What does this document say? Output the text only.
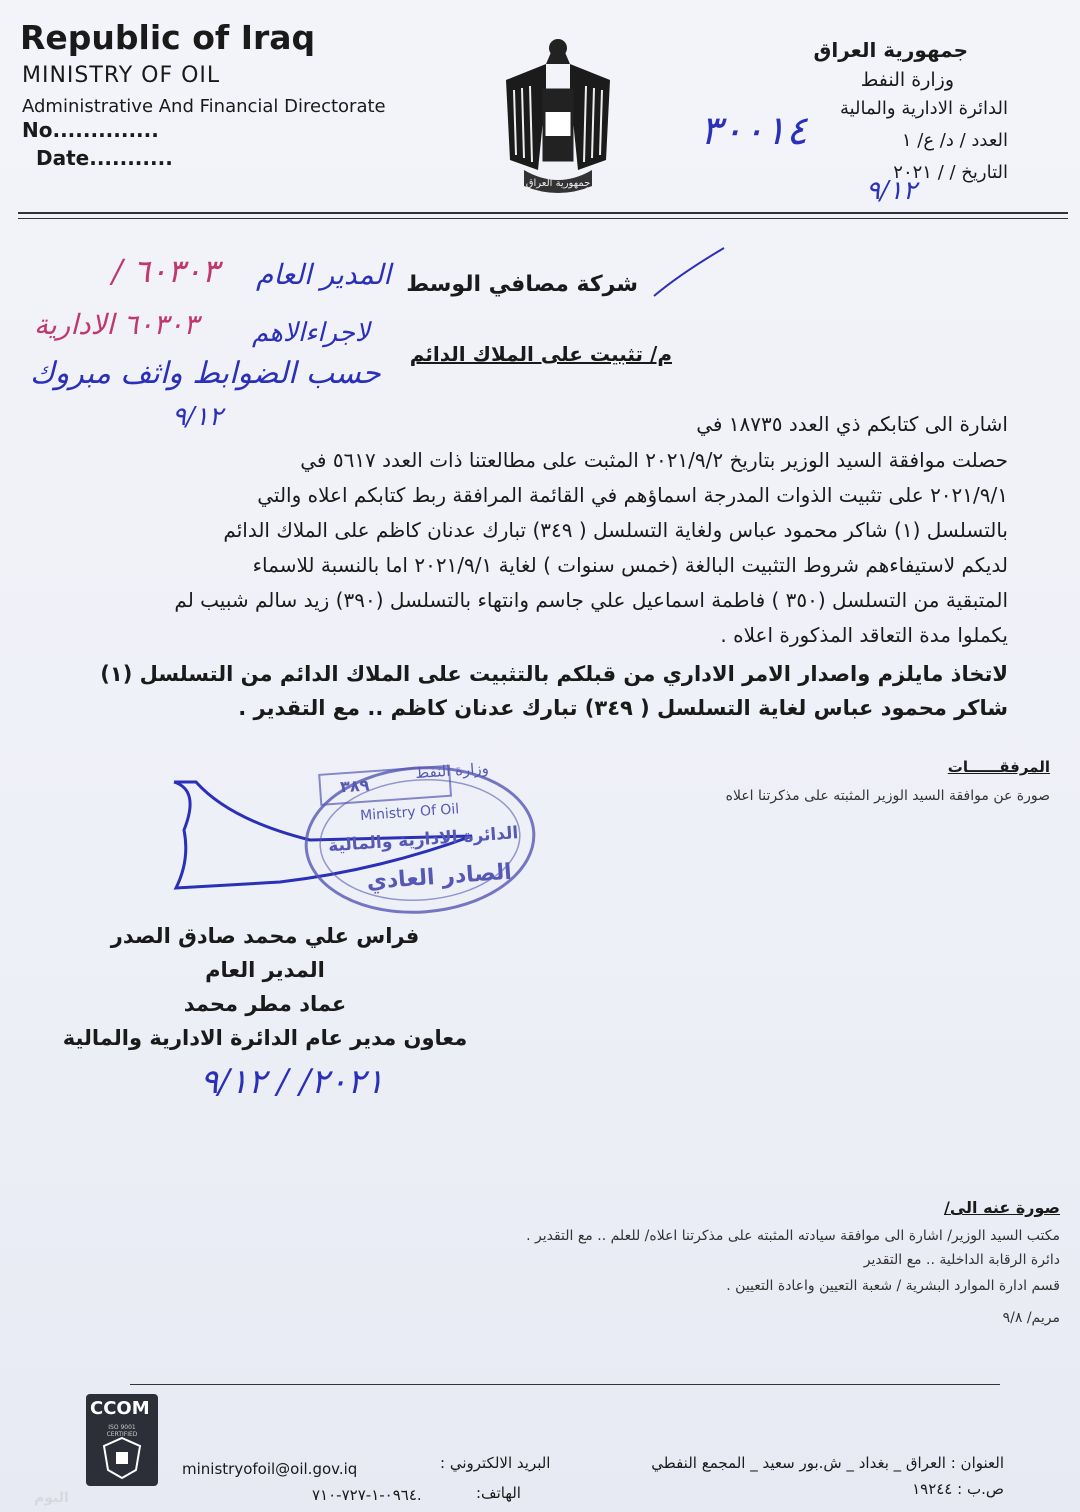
Republic of Iraq
MINISTRY OF OIL
Administrative And Financial Directorate
No..............
Date...........
جمهورية العراق
جمهورية العراق
وزارة النفط
الدائرة الادارية والمالية
العدد / د/ ع/ ١
التاريخ / / ٢٠٢١
٣٠٠١٤
٩/١٢
شركة مصافي الوسط
المدير العام
٦٠٣٠٣ /
٦٠٣٠٣ الادارية لاجراءالاهم
حسب الضوابط واثف مبروك
٩/١٢
م/ تثبيت على الملاك الدائم
اشارة الى كتابكم ذي العدد ١٨٧٣٥ في
حصلت موافقة السيد الوزير بتاريخ ٢٠٢١/٩/٢ المثبت على مطالعتنا ذات العدد ٥٦١٧ في
٢٠٢١/٩/١ على تثبيت الذوات المدرجة اسماؤهم في القائمة المرافقة ربط كتابكم اعلاه والتي
بالتسلسل (١) شاكر محمود عباس ولغاية التسلسل ( ٣٤٩) تبارك عدنان كاظم على الملاك الدائم
لديكم لاستيفاءهم شروط التثبيت البالغة (خمس سنوات ) لغاية ٢٠٢١/٩/١ اما بالنسبة للاسماء
المتبقية من التسلسل (٣٥٠ ) فاطمة اسماعيل علي جاسم وانتهاء بالتسلسل (٣٩٠) زيد سالم شبيب لم
يكملوا مدة التعاقد المذكورة اعلاه .
لاتخاذ مايلزم واصدار الامر الاداري من قبلكم بالتثبيت على الملاك الدائم من التسلسل (١)
شاكر محمود عباس لغاية التسلسل ( ٣٤٩) تبارك عدنان كاظم .. مع التقدير .
المرفقــــــات
صورة عن موافقة السيد الوزير المثبته على مذكرتنا اعلاه
وزارة النفط
٣٨٩
Ministry Of Oil
الدائرة الادارية والمالية
الصادر العادي
فراس علي محمد صادق الصدر
المدير العام
عماد مطر محمد
معاون مدير عام الدائرة الادارية والمالية
٢٠٢١/ / ٩/١٢
صورة عنه الى/
مكتب السيد الوزير/ اشارة الى موافقة سيادته المثبته على مذكرتنا اعلاه/ للعلم .. مع التقدير .
دائرة الرقابة الداخلية .. مع التقدير
قسم ادارة الموارد البشرية / شعبة التعيين واعادة التعيين .
مريم/ ٩/٨
CCOM
ISO 9001 CERTIFIED
البريد الالكتروني :
ministryofoil@oil.gov.iq
الهاتف:
٠٩٦٤-١-٧٢٧-٧١٠.
العنوان : العراق _ بغداد _ ش.بور سعيد _ المجمع النفطي
ص.ب : ١٩٢٤٤
اليوم
